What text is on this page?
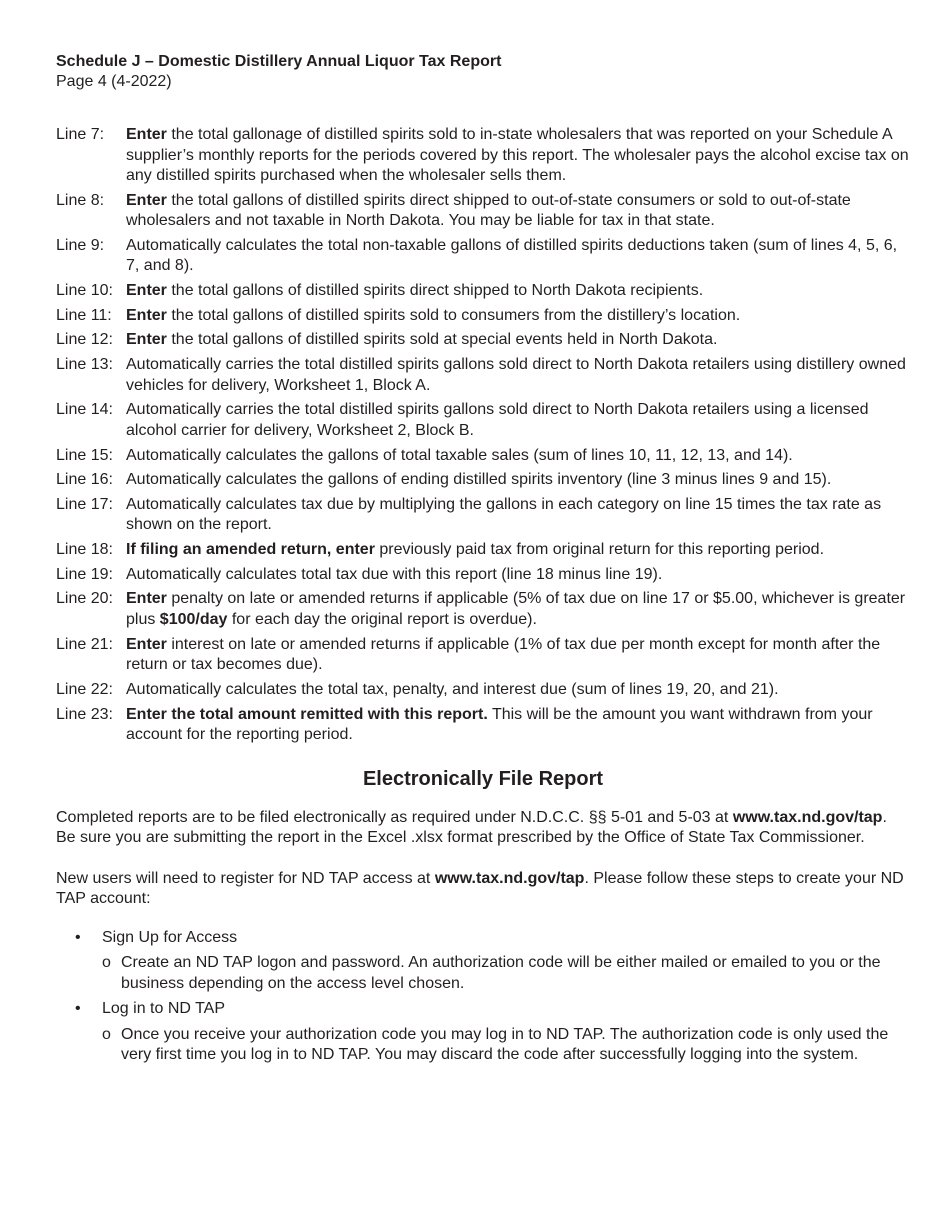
Schedule J – Domestic Distillery Annual Liquor Tax Report
Page 4 (4-2022)
Line 7:	Enter the total gallonage of distilled spirits sold to in-state wholesalers that was reported on your Schedule A supplier’s monthly reports for the periods covered by this report. The wholesaler pays the alcohol excise tax on any distilled spirits purchased when the wholesaler sells them.
Line 8:	Enter the total gallons of distilled spirits direct shipped to out-of-state consumers or sold to out-of-state wholesalers and not taxable in North Dakota. You may be liable for tax in that state.
Line 9:	Automatically calculates the total non-taxable gallons of distilled spirits deductions taken (sum of lines 4, 5, 6, 7, and 8).
Line 10: Enter the total gallons of distilled spirits direct shipped to North Dakota recipients.
Line 11: Enter the total gallons of distilled spirits sold to consumers from the distillery’s location.
Line 12: Enter the total gallons of distilled spirits sold at special events held in North Dakota.
Line 13: Automatically carries the total distilled spirits gallons sold direct to North Dakota retailers using distillery owned vehicles for delivery, Worksheet 1, Block A.
Line 14: Automatically carries the total distilled spirits gallons sold direct to North Dakota retailers using a licensed alcohol carrier for delivery, Worksheet 2, Block B.
Line 15: Automatically calculates the gallons of total taxable sales (sum of lines 10, 11, 12, 13, and 14).
Line 16: Automatically calculates the gallons of ending distilled spirits inventory (line 3 minus lines 9 and 15).
Line 17: Automatically calculates tax due by multiplying the gallons in each category on line 15 times the tax rate as shown on the report.
Line 18: If filing an amended return, enter previously paid tax from original return for this reporting period.
Line 19: Automatically calculates total tax due with this report (line 18 minus line 19).
Line 20: Enter penalty on late or amended returns if applicable (5% of tax due on line 17 or $5.00, whichever is greater plus $100/day for each day the original report is overdue).
Line 21: Enter interest on late or amended returns if applicable (1% of tax due per month except for month after the return or tax becomes due).
Line 22: Automatically calculates the total tax, penalty, and interest due (sum of lines 19, 20, and 21).
Line 23: Enter the total amount remitted with this report. This will be the amount you want withdrawn from your account for the reporting period.
Electronically File Report
Completed reports are to be filed electronically as required under N.D.C.C. §§ 5-01 and 5-03 at www.tax.nd.gov/tap. Be sure you are submitting the report in the Excel .xlsx format prescribed by the Office of State Tax Commissioner.
New users will need to register for ND TAP access at www.tax.nd.gov/tap. Please follow these steps to create your ND TAP account:
•	Sign Up for Access
o Create an ND TAP logon and password. An authorization code will be either mailed or emailed to you or the business depending on the access level chosen.
•	Log in to ND TAP
o Once you receive your authorization code you may log in to ND TAP. The authorization code is only used the very first time you log in to ND TAP. You may discard the code after successfully logging into the system.
